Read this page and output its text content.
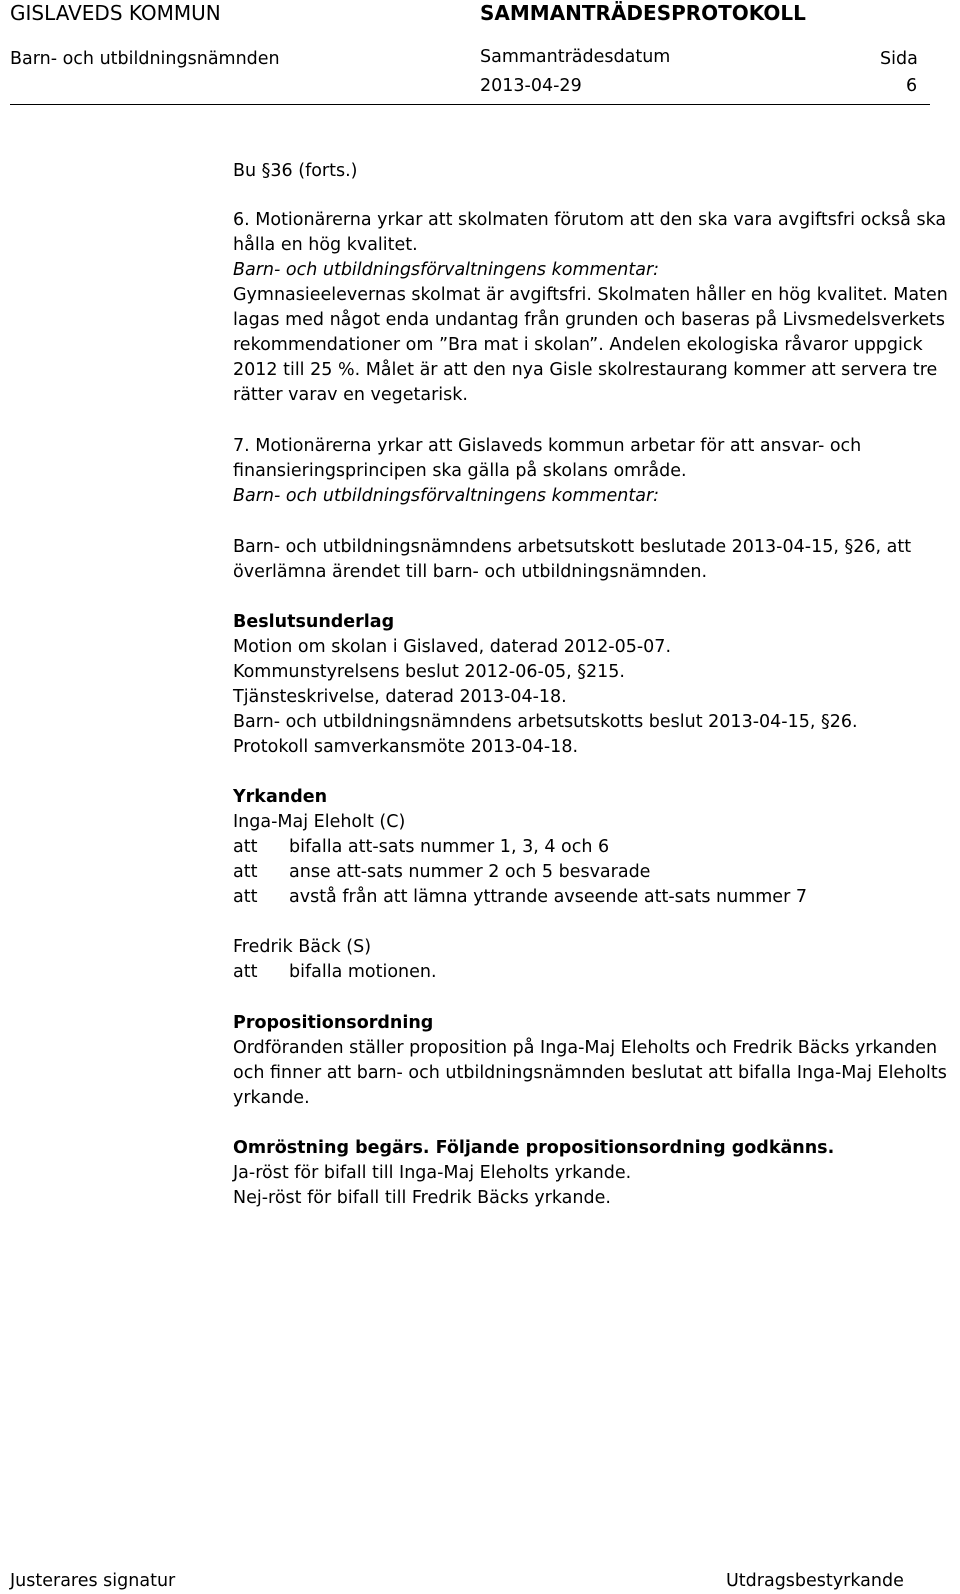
GISLAVEDS KOMMUN	SAMMANTRÄDESPROTOKOLL
Barn- och utbildningsnämnden	Sammanträdesdatum
2013-04-29
Sida
6
Bu §36 (forts.)
6. Motionärerna yrkar att skolmaten förutom att den ska vara avgiftsfri också ska
hålla en hög kvalitet.
Barn- och utbildningsförvaltningens kommentar:
Gymnasieelevernas skolmat är avgiftsfri. Skolmaten håller en hög kvalitet. Maten
lagas med något enda undantag från grunden och baseras på Livsmedelsverkets
rekommendationer om ”Bra mat i skolan”. Andelen ekologiska råvaror uppgick
2012 till 25 %. Målet är att den nya Gisle skolrestaurang kommer att servera tre
rätter varav en vegetarisk.
7. Motionärerna yrkar att Gislaveds kommun arbetar för att ansvar- och
finansieringsprincipen ska gälla på skolans område.
Barn- och utbildningsförvaltningens kommentar:
Barn- och utbildningsnämndens arbetsutskott beslutade 2013-04-15, §26, att
överlämna ärendet till barn- och utbildningsnämnden.
Beslutsunderlag
Motion om skolan i Gislaved, daterad 2012-05-07.
Kommunstyrelsens beslut 2012-06-05, §215.
Tjänsteskrivelse, daterad 2013-04-18.
Barn- och utbildningsnämndens arbetsutskotts beslut 2013-04-15, §26.
Protokoll samverkansmöte 2013-04-18.
Yrkanden
Inga-Maj Eleholt (C)
att bifalla att-sats nummer 1, 3, 4 och 6
att anse att-sats nummer 2 och 5 besvarade
att avstå från att lämna yttrande avseende att-sats nummer 7
Fredrik Bäck (S)
att bifalla motionen.
Propositionsordning
Ordföranden ställer proposition på Inga-Maj Eleholts och Fredrik Bäcks yrkanden
och finner att barn- och utbildningsnämnden beslutat att bifalla Inga-Maj Eleholts
yrkande.
Omröstning begärs. Följande propositionsordning godkänns.
Ja-röst för bifall till Inga-Maj Eleholts yrkande.
Nej-röst för bifall till Fredrik Bäcks yrkande.
Justerares signatur	Utdragsbestyrkande
